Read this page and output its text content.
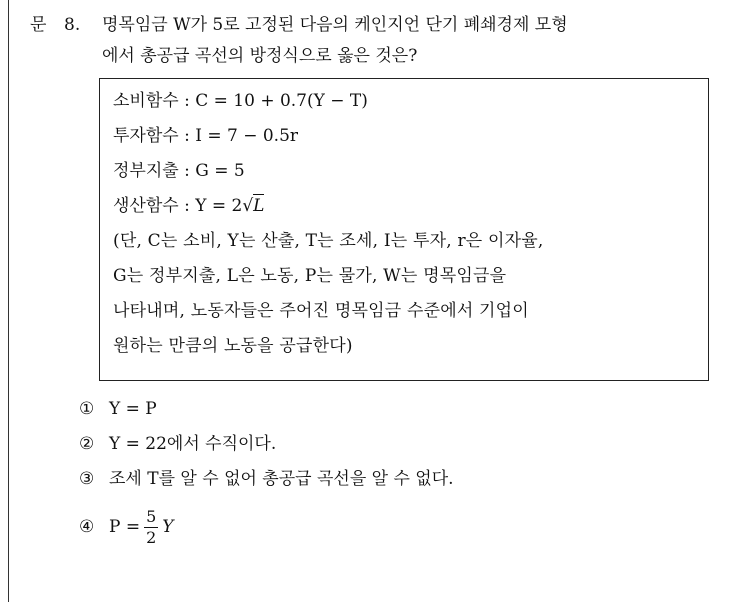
문 8. 명목임금 W가 5로 고정된 다음의 케인지언 단기 폐쇄경제 모형
에서 총공급 곡선의 방정식으로 옳은 것은?
소비함수 : C = 10 + 0.7(Y − T)
투자함수 : I = 7 − 0.5r
정부지출 : G = 5
생산함수 : Y = 2√L
(단, C는 소비, Y는 산출, T는 조세, I는 투자, r은 이자율,
G는 정부지출, L은 노동, P는 물가, W는 명목임금을
나타내며, 노동자들은 주어진 명목임금 수준에서 기업이
원하는 만큼의 노동을 공급한다)
① Y = P
② Y = 22에서 수직이다.
③ 조세 T를 알 수 없어 총공급 곡선을 알 수 없다.
④ $P = \frac{5}{2}$ Y
